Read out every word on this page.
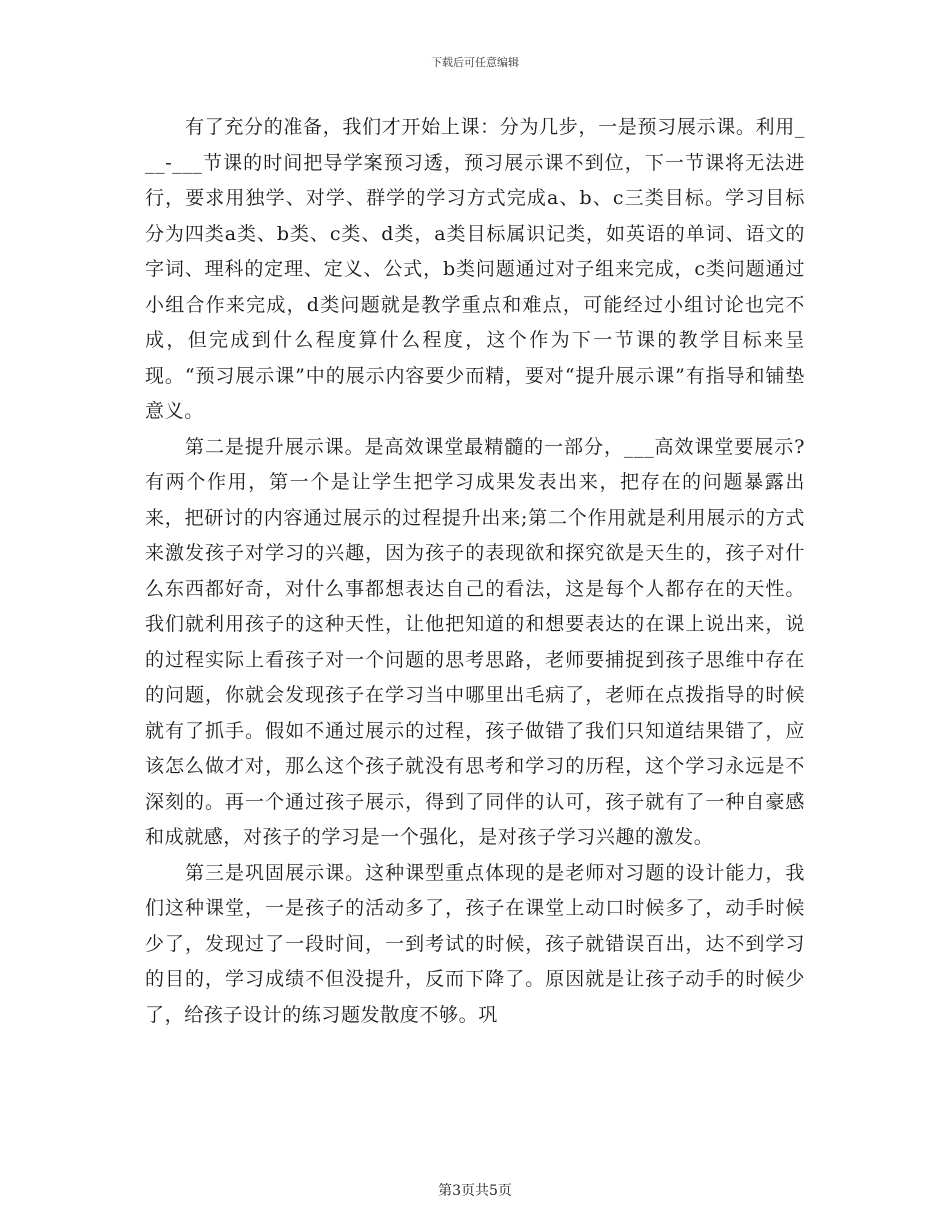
下载后可任意编辑

有了充分的准备，我们才开始上课：分为几步，一是预习展示课。利用___-___节课的时间把导学案预习透，预习展示课不到位，下一节课将无法进行，要求用独学、对学、群学的学习方式完成a、b、c三类目标。学习目标分为四类a类、b类、c类、d类，a类目标属识记类，如英语的单词、语文的字词、理科的定理、定义、公式，b类问题通过对子组来完成，c类问题通过小组合作来完成，d类问题就是教学重点和难点，可能经过小组讨论也完不成，但完成到什么程度算什么程度，这个作为下一节课的教学目标来呈现。“预习展示课”中的展示内容要少而精，要对“提升展示课”有指导和铺垫意义。

第二是提升展示课。是高效课堂最精髓的一部分，___高效课堂要展示?有两个作用，第一个是让学生把学习成果发表出来，把存在的问题暴露出来，把研讨的内容通过展示的过程提升出来;第二个作用就是利用展示的方式来激发孩子对学习的兴趣，因为孩子的表现欲和探究欲是天生的，孩子对什么东西都好奇，对什么事都想表达自己的看法，这是每个人都存在的天性。我们就利用孩子的这种天性，让他把知道的和想要表达的在课上说出来，说的过程实际上看孩子对一个问题的思考思路，老师要捕捉到孩子思维中存在的问题，你就会发现孩子在学习当中哪里出毛病了，老师在点拨指导的时候就有了抓手。假如不通过展示的过程，孩子做错了我们只知道结果错了，应该怎么做才对，那么这个孩子就没有思考和学习的历程，这个学习永远是不深刻的。再一个通过孩子展示，得到了同伴的认可，孩子就有了一种自豪感和成就感，对孩子的学习是一个强化，是对孩子学习兴趣的激发。

第三是巩固展示课。这种课型重点体现的是老师对习题的设计能力，我们这种课堂，一是孩子的活动多了，孩子在课堂上动口时候多了，动手时候少了，发现过了一段时间，一到考试的时候，孩子就错误百出，达不到学习的目的，学习成绩不但没提升，反而下降了。原因就是让孩子动手的时候少了，给孩子设计的练习题发散度不够。巩

第3页共5页
